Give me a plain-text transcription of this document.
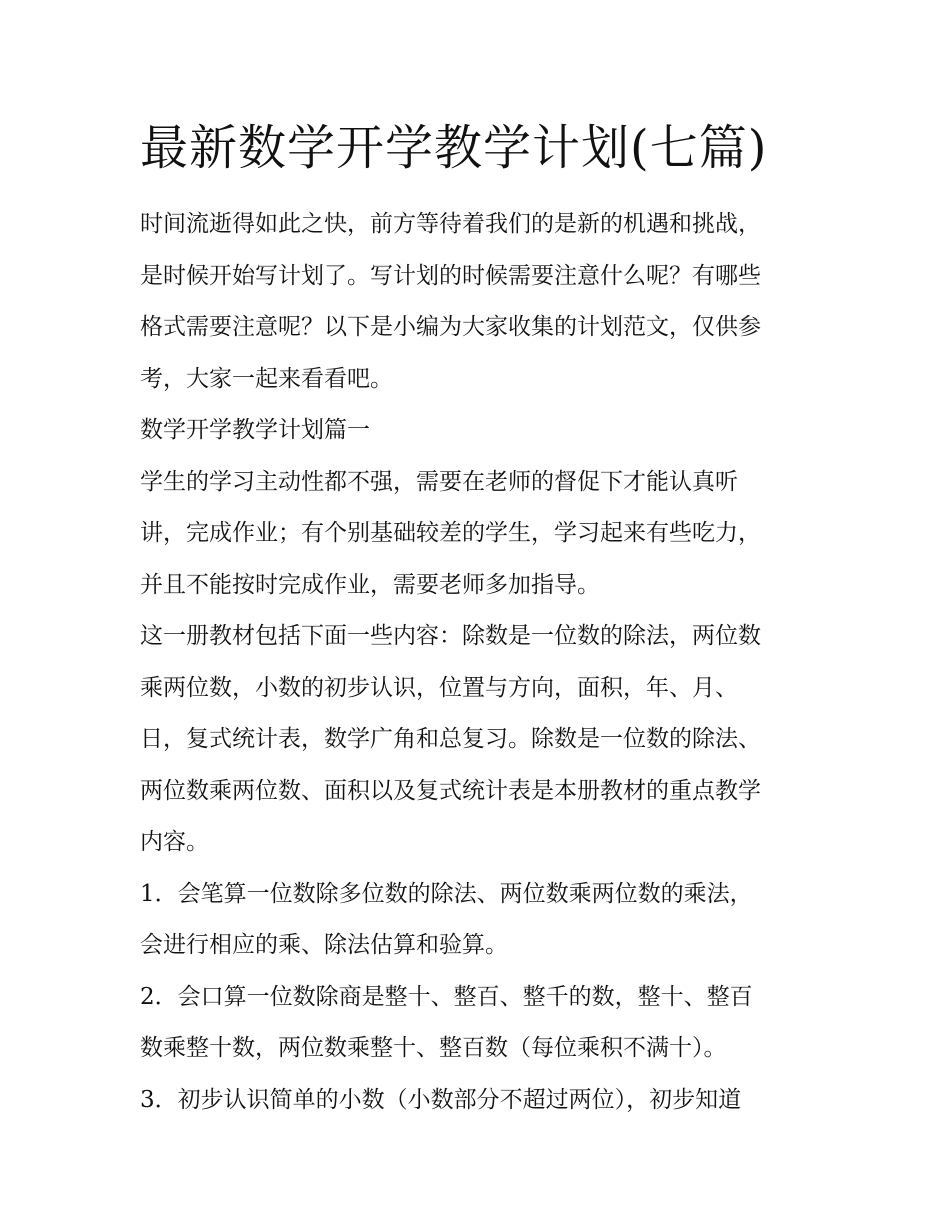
最新数学开学教学计划(七篇)

时间流逝得如此之快，前方等待着我们的是新的机遇和挑战，

是时候开始写计划了。写计划的时候需要注意什么呢？有哪些

格式需要注意呢？以下是小编为大家收集的计划范文，仅供参

考，大家一起来看看吧。

数学开学教学计划篇一

学生的学习主动性都不强，需要在老师的督促下才能认真听

讲，完成作业；有个别基础较差的学生，学习起来有些吃力，

并且不能按时完成作业，需要老师多加指导。

这一册教材包括下面一些内容：除数是一位数的除法，两位数

乘两位数，小数的初步认识，位置与方向，面积，年、月、

日，复式统计表，数学广角和总复习。除数是一位数的除法、

两位数乘两位数、面积以及复式统计表是本册教材的重点教学

内容。

1．会笔算一位数除多位数的除法、两位数乘两位数的乘法，

会进行相应的乘、除法估算和验算。

2．会口算一位数除商是整十、整百、整千的数，整十、整百

数乘整十数，两位数乘整十、整百数（每位乘积不满十）。

3．初步认识简单的小数（小数部分不超过两位），初步知道
